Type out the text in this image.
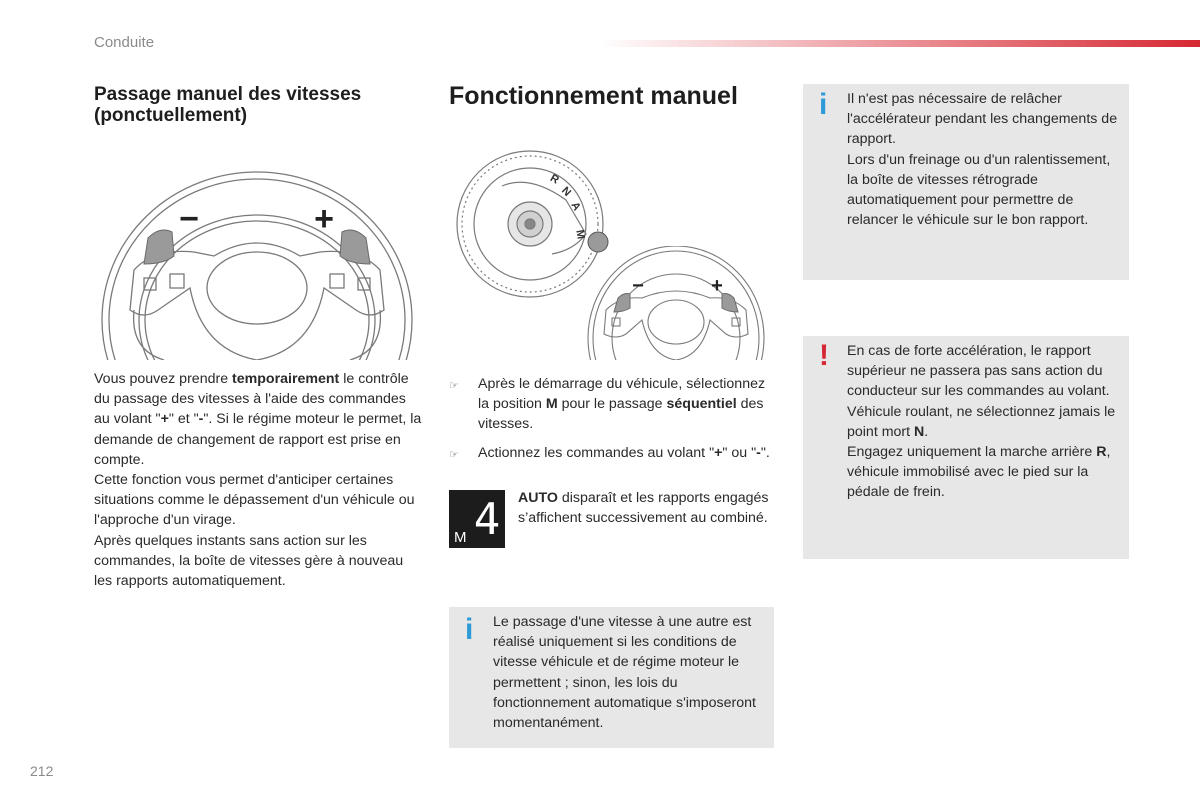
Conduite
Passage manuel des vitesses (ponctuellement)
−	+
Vous pouvez prendre temporairement le contrôle du passage des vitesses à l'aide des commandes au volant "+" et "-". Si le régime moteur le permet, la demande de changement de rapport est prise en compte.
Cette fonction vous permet d'anticiper certaines situations comme le dépassement d'un véhicule ou l'approche d'un virage.
Après quelques instants sans action sur les commandes, la boîte de vitesses gère à nouveau les rapports automatiquement.
Fonctionnement manuel
R
N
A
M
−	+
☞ Après le démarrage du véhicule, sélectionnez la position M pour le passage séquentiel des vitesses.
☞ Actionnez les commandes au volant "+" ou "-".
M 4 AUTO disparaît et les rapports engagés s’affichent successivement au combiné.
i Le passage d'une vitesse à une autre est réalisé uniquement si les conditions de vitesse véhicule et de régime moteur le permettent ; sinon, les lois du fonctionnement automatique s'imposeront momentanément.
i Il n'est pas nécessaire de relâcher l'accélérateur pendant les changements de rapport.
Lors d'un freinage ou d'un ralentissement, la boîte de vitesses rétrograde automatiquement pour permettre de relancer le véhicule sur le bon rapport.
! En cas de forte accélération, le rapport supérieur ne passera pas sans action du conducteur sur les commandes au volant.
Véhicule roulant, ne sélectionnez jamais le point mort N.
Engagez uniquement la marche arrière R, véhicule immobilisé avec le pied sur la pédale de frein.
212
